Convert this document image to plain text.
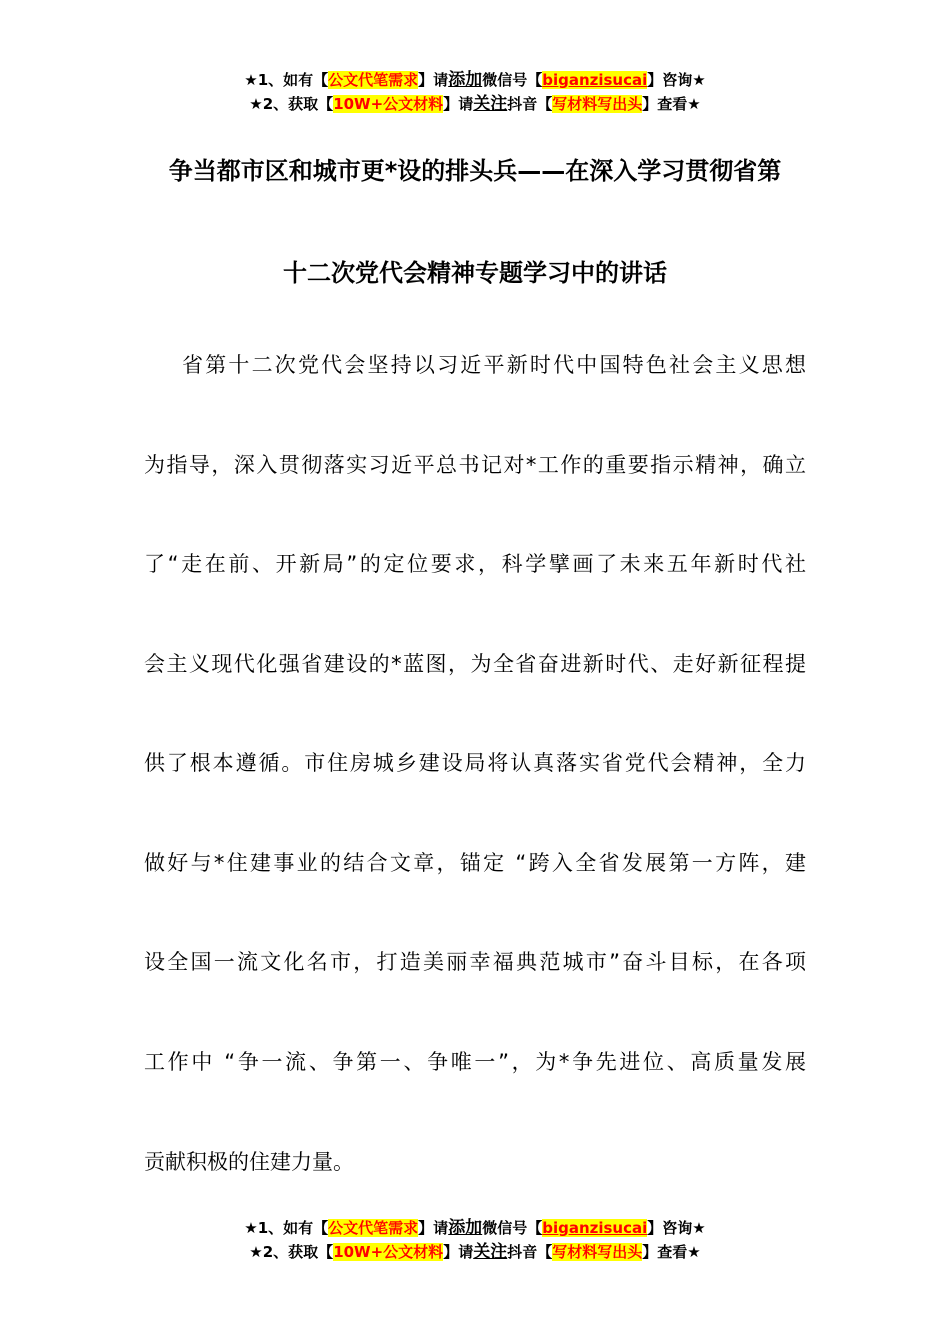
★1、如有【公文代笔需求】请添加微信号【biganzisucai】咨询★
★2、获取【10W+公文材料】请关注抖音【写材料写出头】查看★
争当都市区和城市更*设的排头兵——在深入学习贯彻省第
十二次党代会精神专题学习中的讲话
省第十二次党代会坚持以习近平新时代中国特色社会主义思想
为指导，深入贯彻落实习近平总书记对*工作的重要指示精神，确立
了“走在前、开新局”的定位要求，科学擘画了未来五年新时代社
会主义现代化强省建设的*蓝图，为全省奋进新时代、走好新征程提
供了根本遵循。市住房城乡建设局将认真落实省党代会精神，全力
做好与*住建事业的结合文章，锚定 “跨入全省发展第一方阵，建
设全国一流文化名市，打造美丽幸福典范城市”奋斗目标，在各项
工作中 “争一流、争第一、争唯一”，为*争先进位、高质量发展
贡献积极的住建力量。
★1、如有【公文代笔需求】请添加微信号【biganzisucai】咨询★
★2、获取【10W+公文材料】请关注抖音【写材料写出头】查看★
